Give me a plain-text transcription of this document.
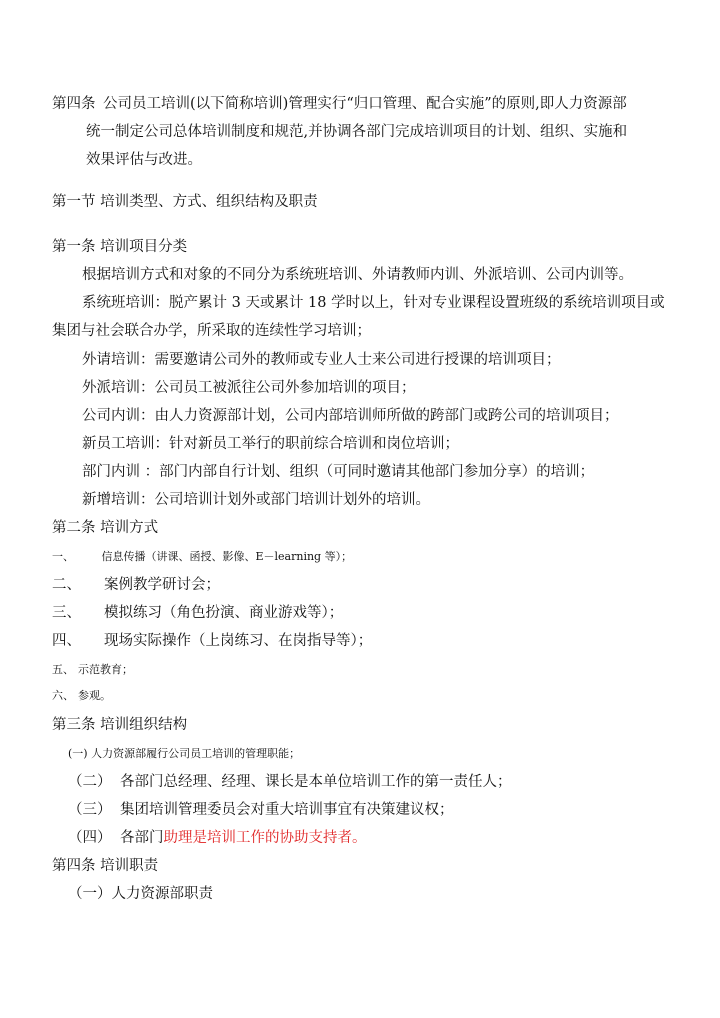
第四条 公司员工培训(以下简称培训)管理实行“归口管理、配合实施”的原则,即人力资源部
统一制定公司总体培训制度和规范,并协调各部门完成培训项目的计划、组织、实施和
效果评估与改进。
第一节 培训类型、方式、组织结构及职责
第一条 培训项目分类
根据培训方式和对象的不同分为系统班培训、外请教师内训、外派培训、公司内训等。
系统班培训：脱产累计 3 天或累计 18 学时以上，针对专业课程设置班级的系统培训项目或
集团与社会联合办学，所采取的连续性学习培训；
外请培训：需要邀请公司外的教师或专业人士来公司进行授课的培训项目；
外派培训：公司员工被派往公司外参加培训的项目；
公司内训：由人力资源部计划，公司内部培训师所做的跨部门或跨公司的培训项目；
新员工培训：针对新员工举行的职前综合培训和岗位培训；
部门内训 ：部门内部自行计划、组织（可同时邀请其他部门参加分享）的培训；
新增培训：公司培训计划外或部门培训计划外的培训。
第二条 培训方式
一、	信息传播（讲课、函授、影像、E－learning 等）；
二、 案例教学研讨会；
三、 模拟练习（角色扮演、商业游戏等）；
四、 现场实际操作（上岗练习、在岗指导等）；
五、 示范教育；
六、 参观。
第三条 培训组织结构
(一) 人力资源部履行公司员工培训的管理职能；
（二） 各部门总经理、经理、课长是本单位培训工作的第一责任人；
（三） 集团培训管理委员会对重大培训事宜有决策建议权；
（四） 各部门助理是培训工作的协助支持者。
第四条 培训职责
（一）人力资源部职责
